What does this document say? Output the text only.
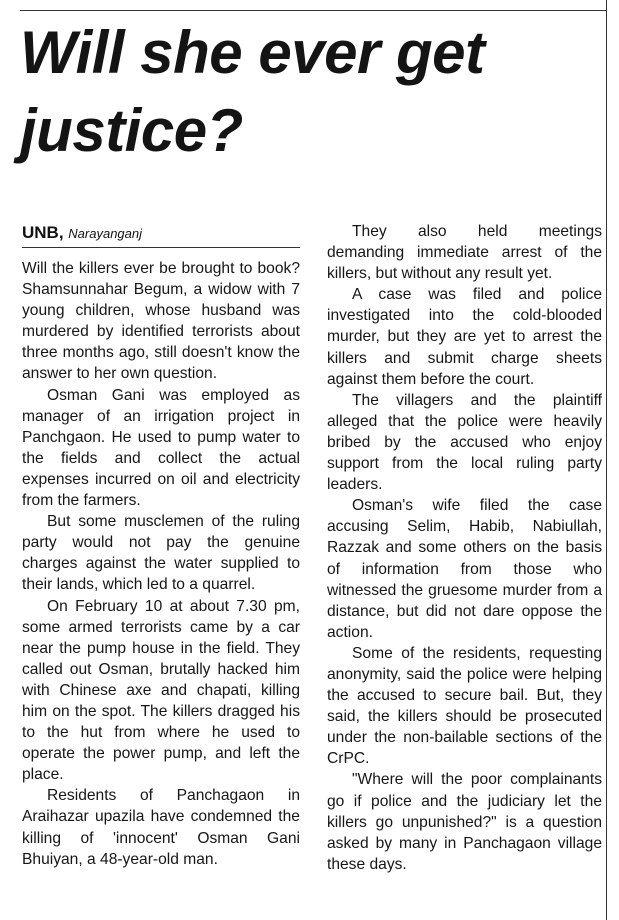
Will she ever get justice?
UNB, Narayanganj

Will the killers ever be brought to book? Shamsunnahar Begum, a widow with 7 young children, whose husband was murdered by identified terrorists about three months ago, still doesn't know the answer to her own question.

Osman Gani was employed as manager of an irrigation project in Panchgaon. He used to pump water to the fields and collect the actual expenses incurred on oil and electricity from the farmers.

But some musclemen of the ruling party would not pay the genuine charges against the water supplied to their lands, which led to a quarrel.

On February 10 at about 7.30 pm, some armed terrorists came by a car near the pump house in the field. They called out Osman, brutally hacked him with Chinese axe and chapati, killing him on the spot. The killers dragged his to the hut from where he used to operate the power pump, and left the place.

Residents of Panchagaon in Araihazar upazila have condemned the killing of 'innocent' Osman Gani Bhuiyan, a 48-year-old man.

They also held meetings demanding immediate arrest of the killers, but without any result yet.

A case was filed and police investigated into the cold-blooded murder, but they are yet to arrest the killers and submit charge sheets against them before the court.

The villagers and the plaintiff alleged that the police were heavily bribed by the accused who enjoy support from the local ruling party leaders.

Osman's wife filed the case accusing Selim, Habib, Nabiullah, Razzak and some others on the basis of information from those who witnessed the gruesome murder from a distance, but did not dare oppose the action.

Some of the residents, requesting anonymity, said the police were helping the accused to secure bail. But, they said, the killers should be prosecuted under the non-bailable sections of the CrPC.

"Where will the poor complainants go if police and the judiciary let the killers go unpunished?" is a question asked by many in Panchagaon village these days.
